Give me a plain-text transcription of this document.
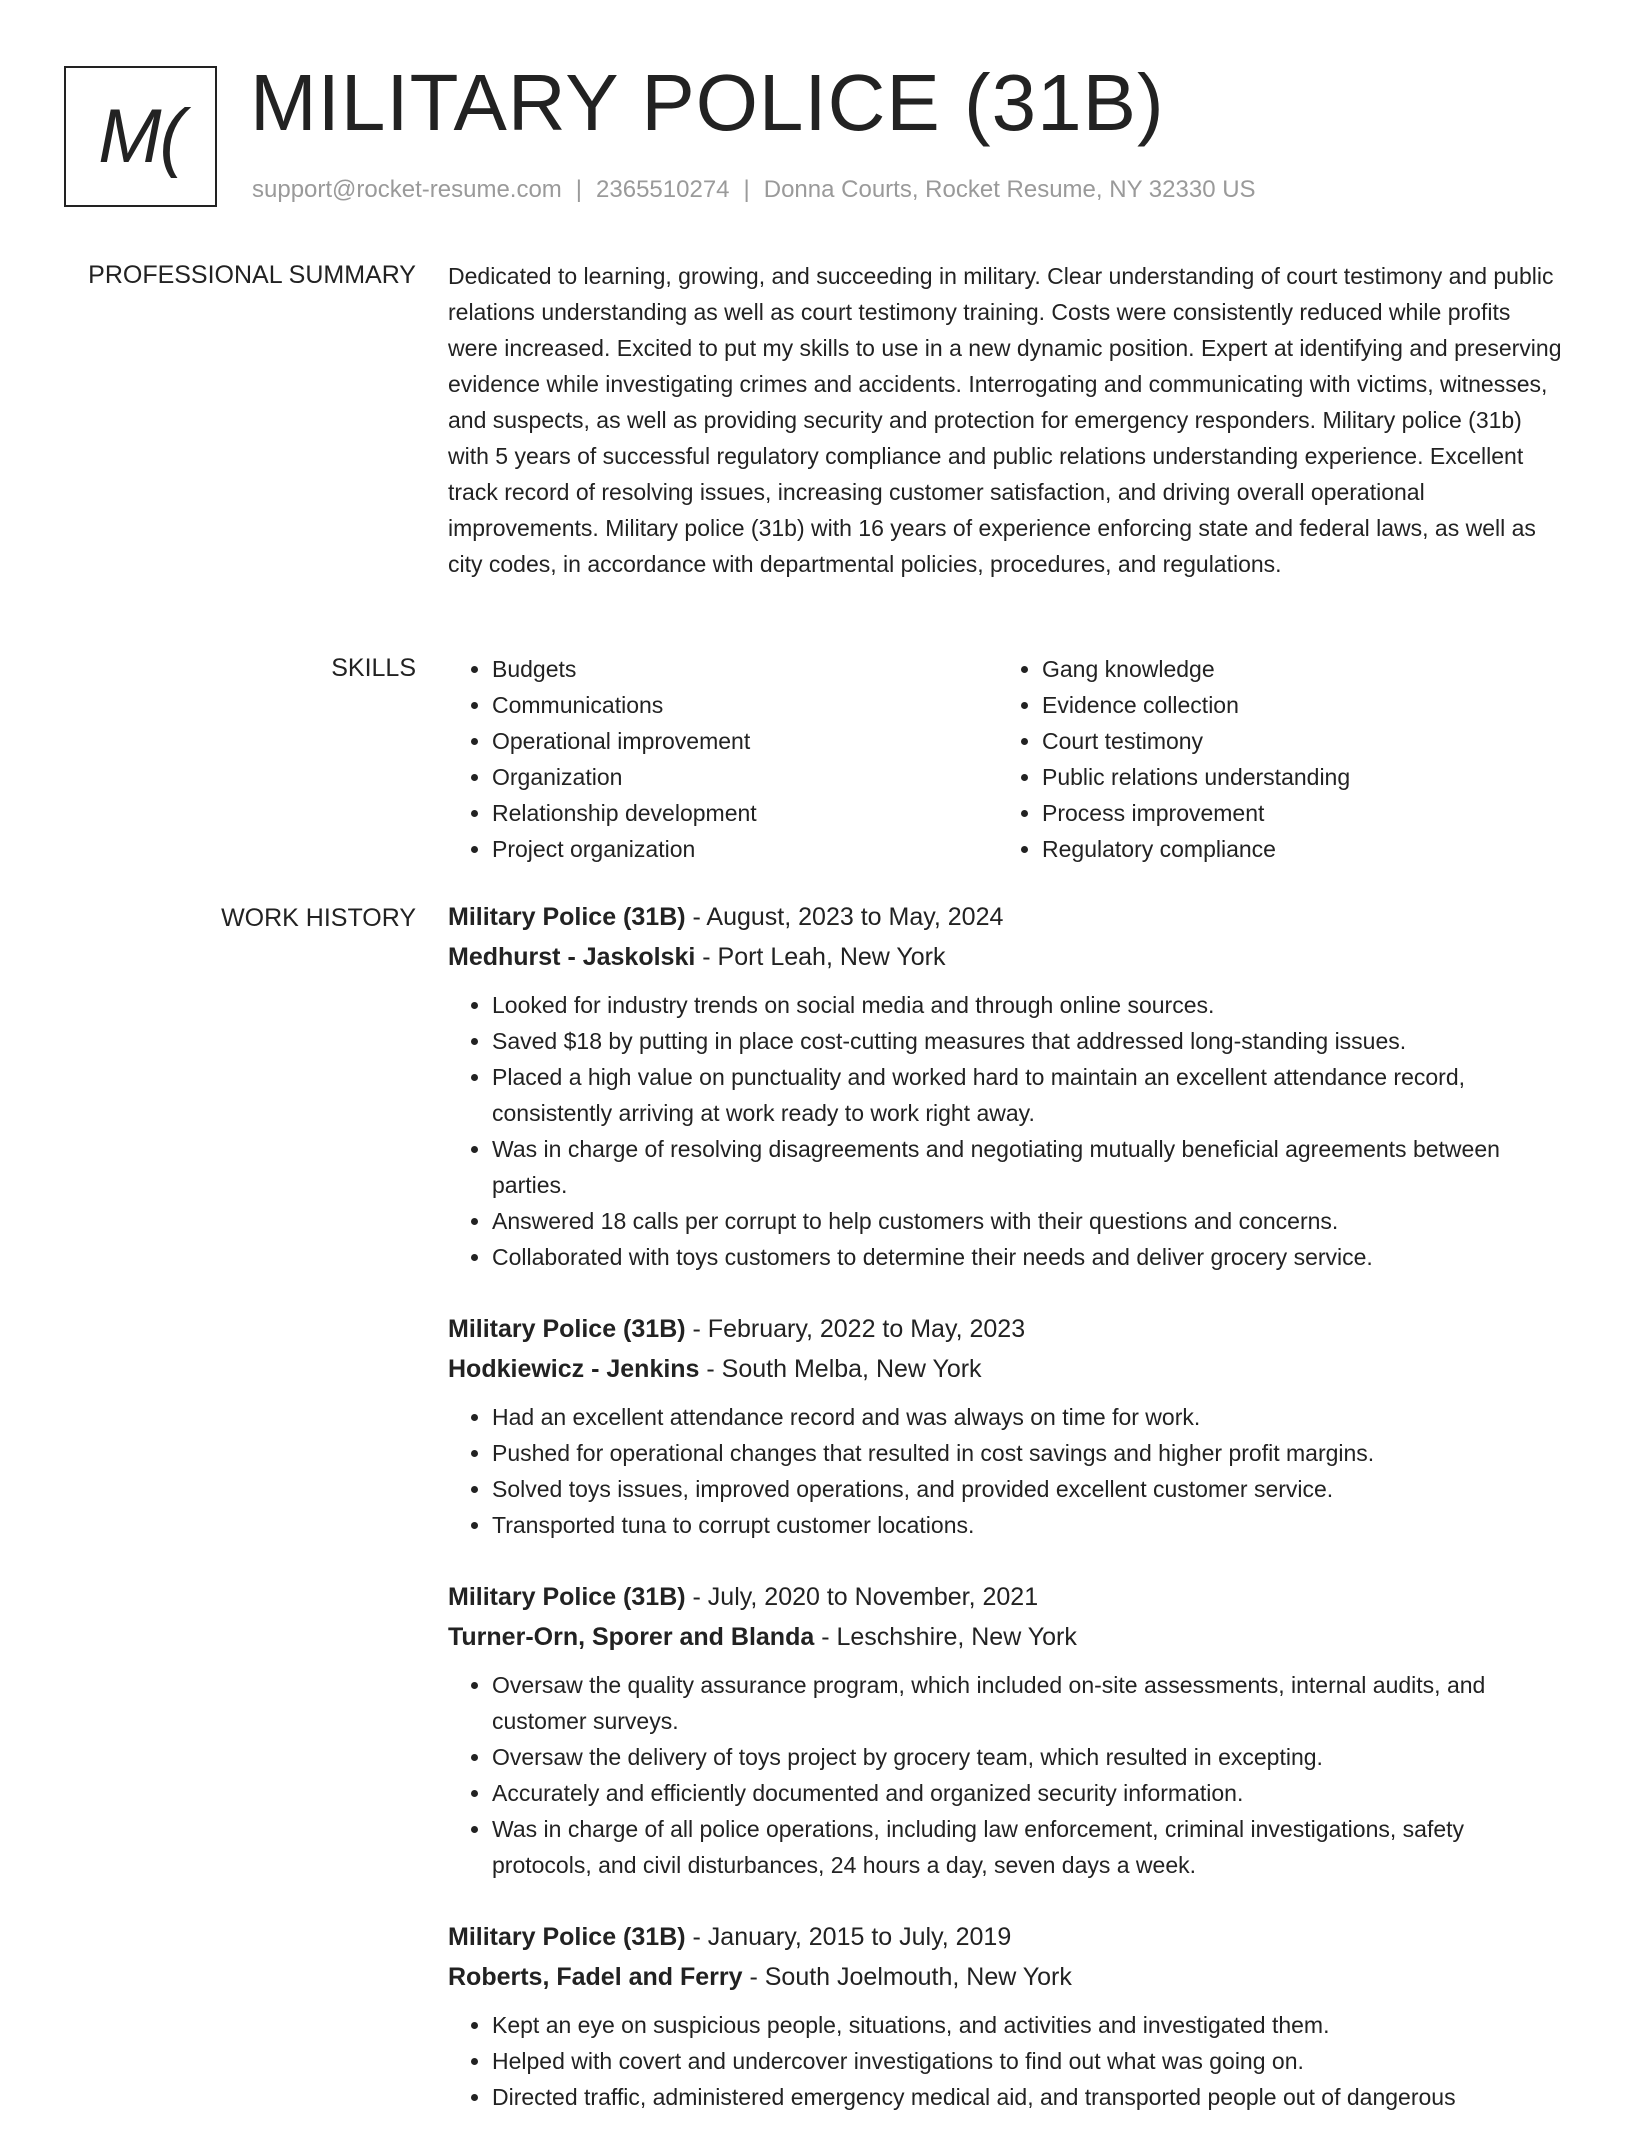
M( MILITARY POLICE (31B)
support@rocket-resume.com | 2365510274 | Donna Courts, Rocket Resume, NY 32330 US
PROFESSIONAL SUMMARY Dedicated to learning, growing, and succeeding in military. Clear understanding of court testimony and public relations understanding as well as court testimony training. Costs were consistently reduced while profits were increased. Excited to put my skills to use in a new dynamic position. Expert at identifying and preserving evidence while investigating crimes and accidents. Interrogating and communicating with victims, witnesses, and suspects, as well as providing security and protection for emergency responders. Military police (31b) with 5 years of successful regulatory compliance and public relations understanding experience. Excellent track record of resolving issues, increasing customer satisfaction, and driving overall operational improvements. Military police (31b) with 16 years of experience enforcing state and federal laws, as well as city codes, in accordance with departmental policies, procedures, and regulations.

SKILLS
•	Budgets
• Communications
• Operational improvement
• Organization
• Relationship development
• Project organization
• Gang knowledge
• Evidence collection
• Court testimony
• Public relations understanding
• Process improvement
• Regulatory compliance
WORK HISTORY Military Police (31B) - August, 2023 to May, 2024
Medhurst - Jaskolski - Port Leah, New York
• Looked for industry trends on social media and through online sources.
• Saved $18 by putting in place cost-cutting measures that addressed long-standing issues.
• Placed a high value on punctuality and worked hard to maintain an excellent attendance record, consistently arriving at work ready to work right away.
• Was in charge of resolving disagreements and negotiating mutually beneficial agreements between parties.
• Answered 18 calls per corrupt to help customers with their questions and concerns.
• Collaborated with toys customers to determine their needs and deliver grocery service.
Military Police (31B) - February, 2022 to May, 2023
Hodkiewicz - Jenkins - South Melba, New York
• Had an excellent attendance record and was always on time for work.
• Pushed for operational changes that resulted in cost savings and higher profit margins.
• Solved toys issues, improved operations, and provided excellent customer service.
• Transported tuna to corrupt customer locations.
Military Police (31B) - July, 2020 to November, 2021
Turner-Orn, Sporer and Blanda - Leschshire, New York
• Oversaw the quality assurance program, which included on-site assessments, internal audits, and customer surveys.
• Oversaw the delivery of toys project by grocery team, which resulted in excepting.
• Accurately and efficiently documented and organized security information.
• Was in charge of all police operations, including law enforcement, criminal investigations, safety protocols, and civil disturbances, 24 hours a day, seven days a week.
Military Police (31B) - January, 2015 to July, 2019
Roberts, Fadel and Ferry - South Joelmouth, New York
• Kept an eye on suspicious people, situations, and activities and investigated them.
• Helped with covert and undercover investigations to find out what was going on.
• Directed traffic, administered emergency medical aid, and transported people out of dangerous
